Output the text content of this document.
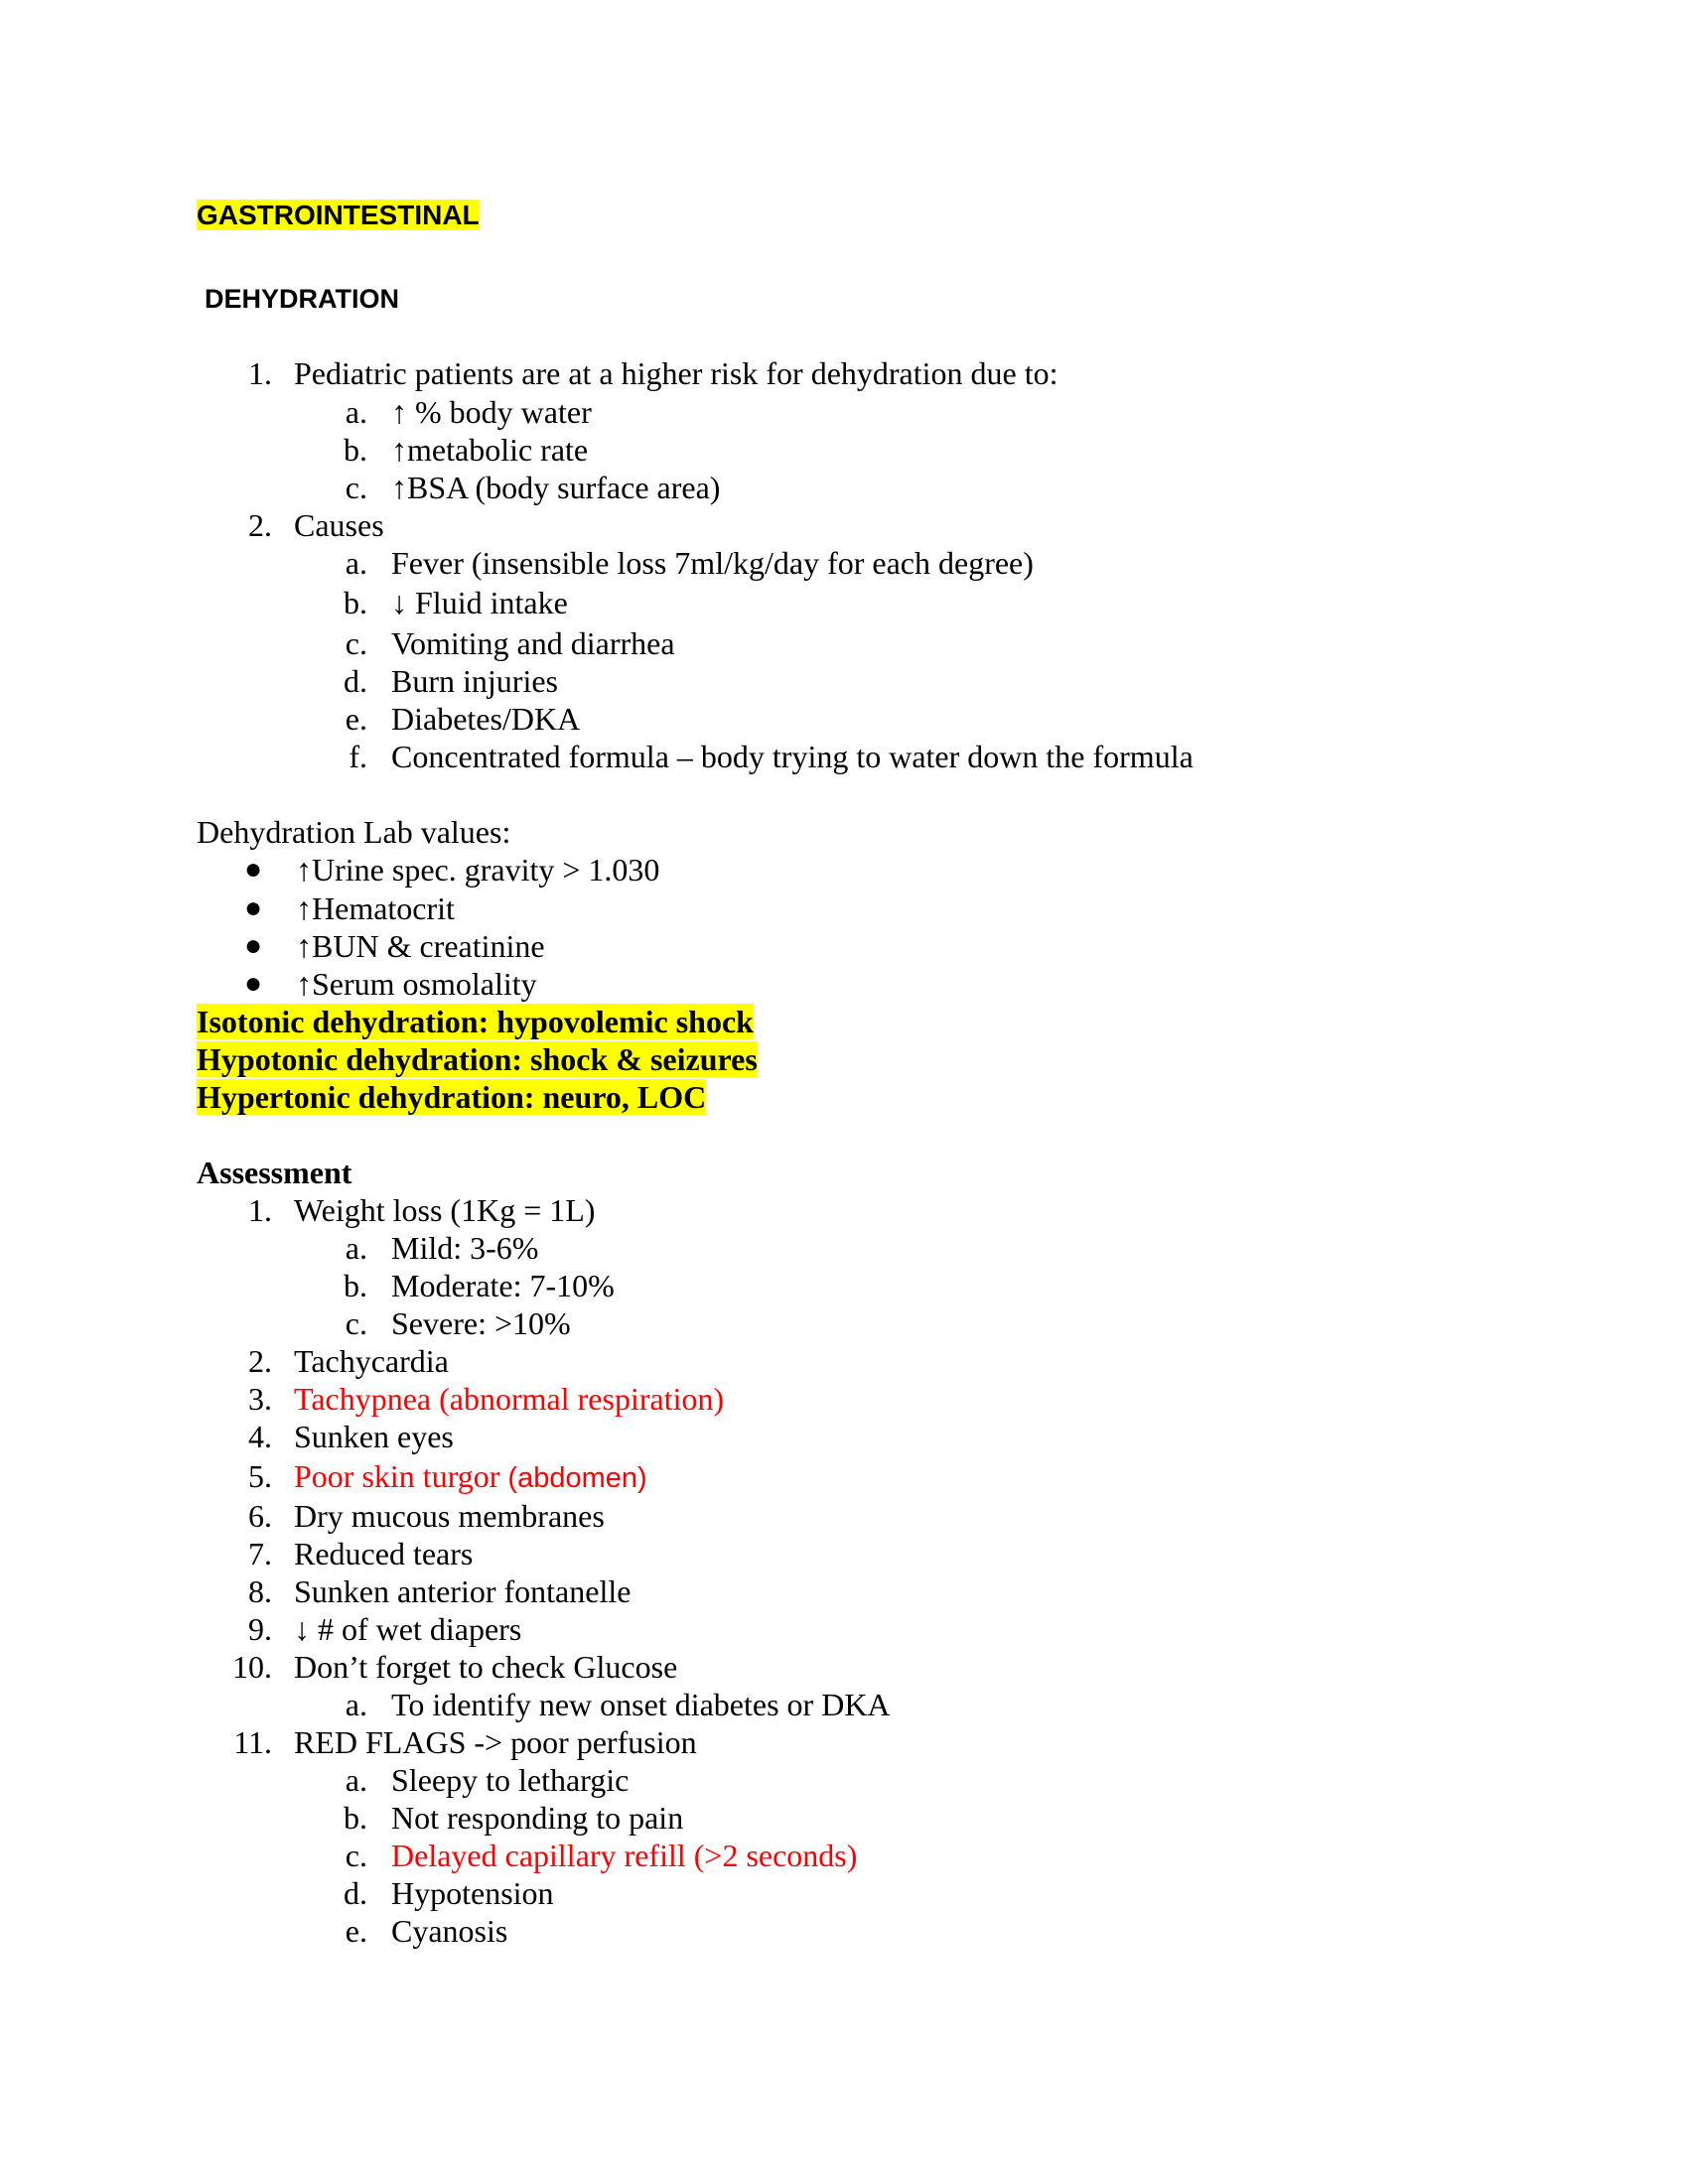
GASTROINTESTINAL
DEHYDRATION
1. Pediatric patients are at a higher risk for dehydration due to:
a. ↑ % body water
b. ↑metabolic rate
c. ↑BSA (body surface area)
2. Causes
a. Fever (insensible loss 7ml/kg/day for each degree)
b. ↓ Fluid intake
c. Vomiting and diarrhea
d. Burn injuries
e. Diabetes/DKA
f. Concentrated formula – body trying to water down the formula
Dehydration Lab values:
● ↑Urine spec. gravity > 1.030
● ↑Hematocrit
● ↑BUN & creatinine
● ↑Serum osmolality
Isotonic dehydration: hypovolemic shock
Hypotonic dehydration: shock & seizures
Hypertonic dehydration: neuro, LOC
Assessment
1. Weight loss (1Kg = 1L)
a. Mild: 3-6%
b. Moderate: 7-10%
c. Severe: >10%
2. Tachycardia
3. Tachypnea (abnormal respiration)
4. Sunken eyes
5. Poor skin turgor (abdomen)
6. Dry mucous membranes
7. Reduced tears
8. Sunken anterior fontanelle
9. ↓ # of wet diapers
10. Don’t forget to check Glucose
a. To identify new onset diabetes or DKA
11. RED FLAGS -> poor perfusion
a. Sleepy to lethargic
b. Not responding to pain
c. Delayed capillary refill (>2 seconds)
d. Hypotension
e. Cyanosis
